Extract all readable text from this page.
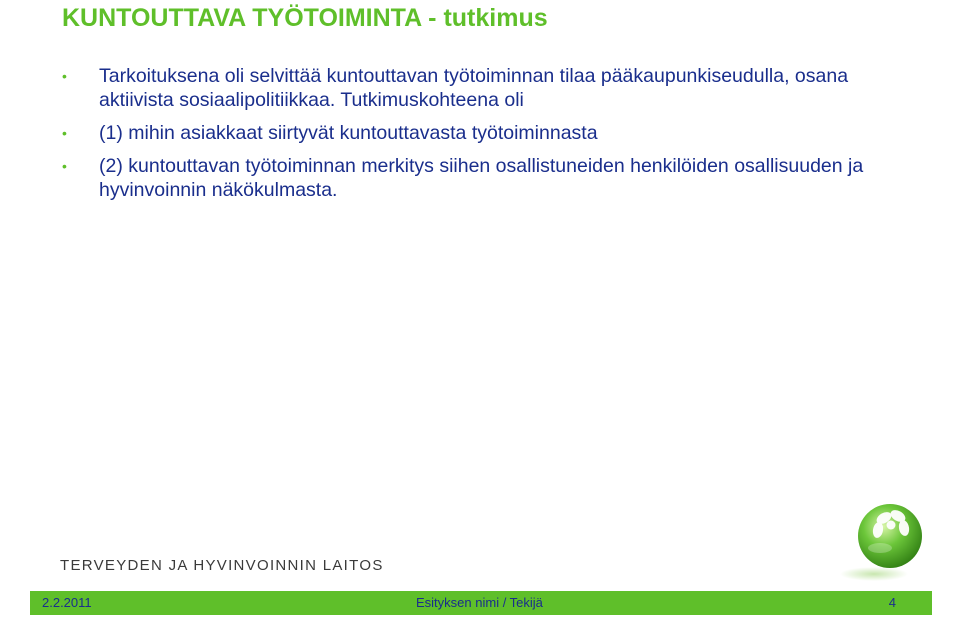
KUNTOUTTAVA TYÖTOIMINTA - tutkimus
• Tarkoituksena oli selvittää kuntouttavan työtoiminnan tilaa pääkaupunkiseudulla, osana aktiivista sosiaalipolitiikkaa. Tutkimuskohteena oli
• (1) mihin asiakkaat siirtyvät kuntouttavasta työtoiminnasta
• (2) kuntouttavan työtoiminnan merkitys siihen osallistuneiden henkilöiden osallisuuden ja hyvinvoinnin näkökulmasta.
TERVEYDEN JA HYVINVOINNIN LAITOS
2.2.2011	Esityksen nimi / Tekijä	4
